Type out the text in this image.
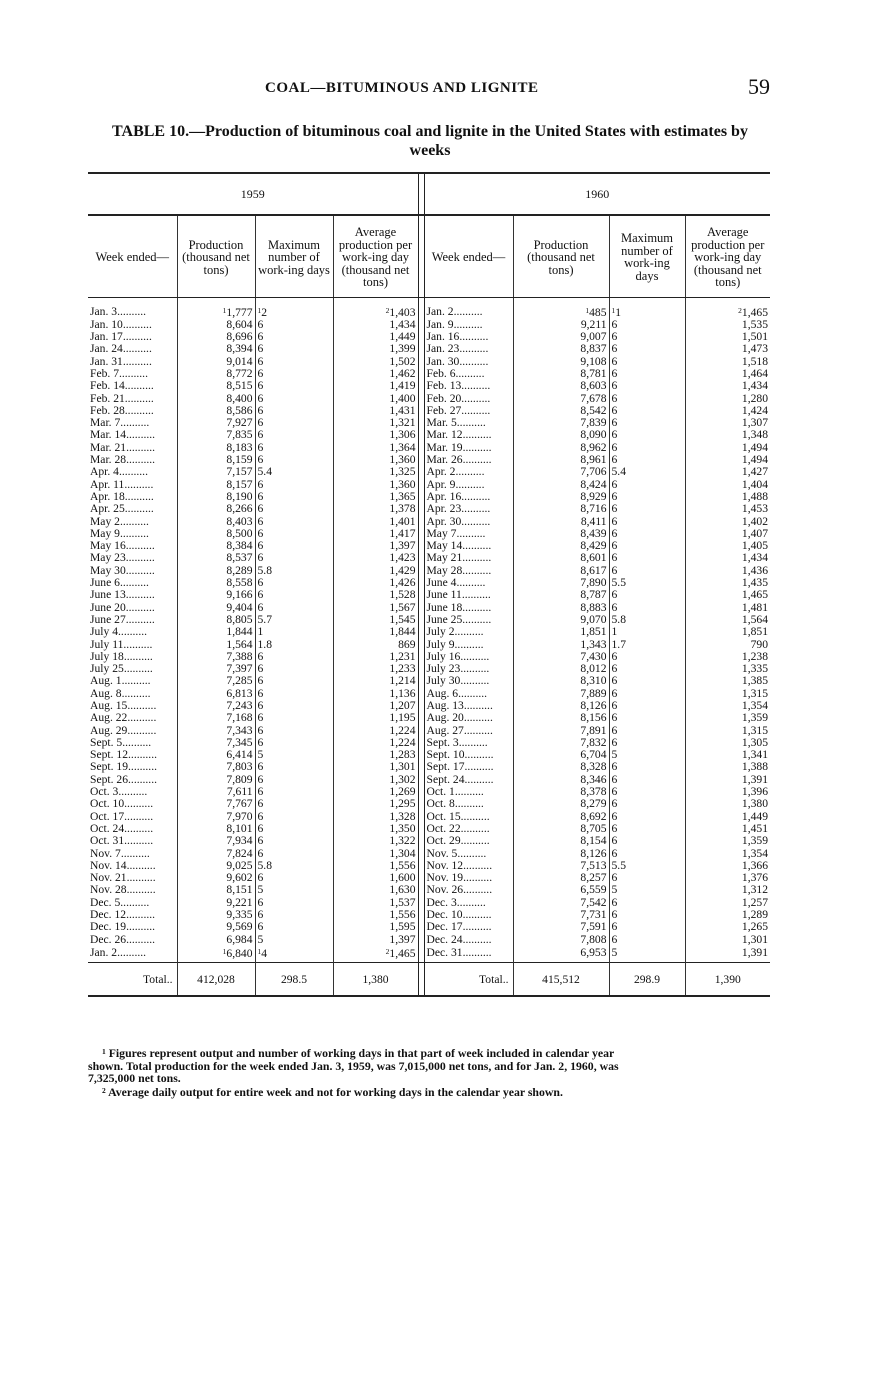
COAL—BITUMINOUS AND LIGNITE	59
TABLE 10.—Production of bituminous coal and lignite in the United States with estimates by weeks
1959					1960			
Week ended—	Production (thousand net tons)	Maximum number of work-ing days	Average production per work-ing day (thousand net tons)		Week ended—	Production (thousand net tons)	Maximum number of work-ing days	Average production per work-ing day (thousand net tons)
Jan. 3..........	$^1$1,777	$^1$2	$^2$1,403		Jan. 2..........	$^1$485	$^1$1	$^2$1,465
Jan. 10..........	8,604	6	1,434		Jan. 9..........	9,211	6	1,535
Jan. 17..........	8,696	6	1,449		Jan. 16..........	9,007	6	1,501
Jan. 24..........	8,394	6	1,399		Jan. 23..........	8,837	6	1,473
Jan. 31..........	9,014	6	1,502		Jan. 30..........	9,108	6	1,518
Feb. 7..........	8,772	6	1,462		Feb. 6..........	8,781	6	1,464
Feb. 14..........	8,515	6	1,419		Feb. 13..........	8,603	6	1,434
Feb. 21..........	8,400	6	1,400		Feb. 20..........	7,678	6	1,280
Feb. 28..........	8,586	6	1,431		Feb. 27..........	8,542	6	1,424
Mar. 7..........	7,927	6	1,321		Mar. 5..........	7,839	6	1,307
Mar. 14..........	7,835	6	1,306		Mar. 12..........	8,090	6	1,348
Mar. 21..........	8,183	6	1,364		Mar. 19..........	8,962	6	1,494
Mar. 28..........	8,159	6	1,360		Mar. 26..........	8,961	6	1,494
Apr. 4..........	7,157	5.4	1,325		Apr. 2..........	7,706	5.4	1,427
Apr. 11..........	8,157	6	1,360		Apr. 9..........	8,424	6	1,404
Apr. 18..........	8,190	6	1,365		Apr. 16..........	8,929	6	1,488
Apr. 25..........	8,266	6	1,378		Apr. 23..........	8,716	6	1,453
May 2..........	8,403	6	1,401		Apr. 30..........	8,411	6	1,402
May 9..........	8,500	6	1,417		May 7..........	8,439	6	1,407
May 16..........	8,384	6	1,397		May 14..........	8,429	6	1,405
May 23..........	8,537	6	1,423		May 21..........	8,601	6	1,434
May 30..........	8,289	5.8	1,429		May 28..........	8,617	6	1,436
June 6..........	8,558	6	1,426		June 4..........	7,890	5.5	1,435
June 13..........	9,166	6	1,528		June 11..........	8,787	6	1,465
June 20..........	9,404	6	1,567		June 18..........	8,883	6	1,481
June 27..........	8,805	5.7	1,545		June 25..........	9,070	5.8	1,564
July 4..........	1,844	1	1,844		July 2..........	1,851	1	1,851
July 11..........	1,564	1.8	869		July 9..........	1,343	1.7	790
July 18..........	7,388	6	1,231		July 16..........	7,430	6	1,238
July 25..........	7,397	6	1,233		July 23..........	8,012	6	1,335
Aug. 1..........	7,285	6	1,214		July 30..........	8,310	6	1,385
Aug. 8..........	6,813	6	1,136		Aug. 6..........	7,889	6	1,315
Aug. 15..........	7,243	6	1,207		Aug. 13..........	8,126	6	1,354
Aug. 22..........	7,168	6	1,195		Aug. 20..........	8,156	6	1,359
Aug. 29..........	7,343	6	1,224		Aug. 27..........	7,891	6	1,315
Sept. 5..........	7,345	6	1,224		Sept. 3..........	7,832	6	1,305
Sept. 12..........	6,414	5	1,283		Sept. 10..........	6,704	5	1,341
Sept. 19..........	7,803	6	1,301		Sept. 17..........	8,328	6	1,388
Sept. 26..........	7,809	6	1,302		Sept. 24..........	8,346	6	1,391
Oct. 3..........	7,611	6	1,269		Oct. 1..........	8,378	6	1,396
Oct. 10..........	7,767	6	1,295		Oct. 8..........	8,279	6	1,380
Oct. 17..........	7,970	6	1,328		Oct. 15..........	8,692	6	1,449
Oct. 24..........	8,101	6	1,350		Oct. 22..........	8,705	6	1,451
Oct. 31..........	7,934	6	1,322		Oct. 29..........	8,154	6	1,359
Nov. 7..........	7,824	6	1,304		Nov. 5..........	8,126	6	1,354
Nov. 14..........	9,025	5.8	1,556		Nov. 12..........	7,513	5.5	1,366
Nov. 21..........	9,602	6	1,600		Nov. 19..........	8,257	6	1,376
Nov. 28..........	8,151	5	1,630		Nov. 26..........	6,559	5	1,312
Dec. 5..........	9,221	6	1,537		Dec. 3..........	7,542	6	1,257
Dec. 12..........	9,335	6	1,556		Dec. 10..........	7,731	6	1,289
Dec. 19..........	9,569	6	1,595		Dec. 17..........	7,591	6	1,265
Dec. 26..........	6,984	5	1,397		Dec. 24..........	7,808	6	1,301
Jan. 2..........	$^1$6,840	$^1$4	$^2$1,465		Dec. 31..........	6,953	5	1,391
Total..	412,028	298.5	1,380		Total..	415,512	298.9	1,390

$^1$ Figures represent output and number of working days in that part of week included in calendar year

shown. Total production for the week ended Jan. 3, 1959, was 7,015,000 net tons, and for Jan. 2, 1960, was

7,325,000 net tons.

$^2$ Average daily output for entire week and not for working days in the calendar year shown.
